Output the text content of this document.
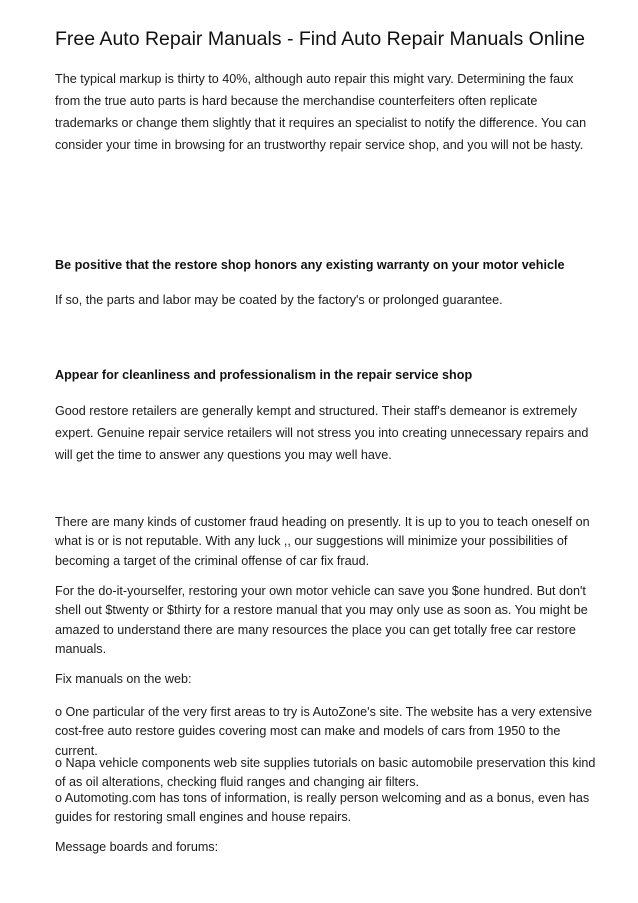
Free Auto Repair Manuals - Find Auto Repair Manuals Online

The typical markup is thirty to 40%, although auto repair this might vary. Determining the faux from the true auto parts is hard because the merchandise counterfeiters often replicate trademarks or change them slightly that it requires an specialist to notify the difference. You can consider your time in browsing for an trustworthy repair service shop, and you will not be hasty.

Be positive that the restore shop honors any existing warranty on your motor vehicle

If so, the parts and labor may be coated by the factory's or prolonged guarantee.

Appear for cleanliness and professionalism in the repair service shop

Good restore retailers are generally kempt and structured. Their staff's demeanor is extremely expert. Genuine repair service retailers will not stress you into creating unnecessary repairs and will get the time to answer any questions you may well have.

There are many kinds of customer fraud heading on presently. It is up to you to teach oneself on what is or is not reputable. With any luck ,, our suggestions will minimize your possibilities of becoming a target of the criminal offense of car fix fraud.

For the do-it-yourselfer, restoring your own motor vehicle can save you $one hundred. But don't shell out $twenty or $thirty for a restore manual that you may only use as soon as. You might be amazed to understand there are many resources the place you can get totally free car restore manuals.

Fix manuals on the web:

o One particular of the very first areas to try is AutoZone's site. The website has a very extensive cost-free auto restore guides covering most can make and models of cars from 1950 to the current.

o Napa vehicle components web site supplies tutorials on basic automobile preservation this kind of as oil alterations, checking fluid ranges and changing air filters.

o Automoting.com has tons of information, is really person welcoming and as a bonus, even has guides for restoring small engines and house repairs.

Message boards and forums:
